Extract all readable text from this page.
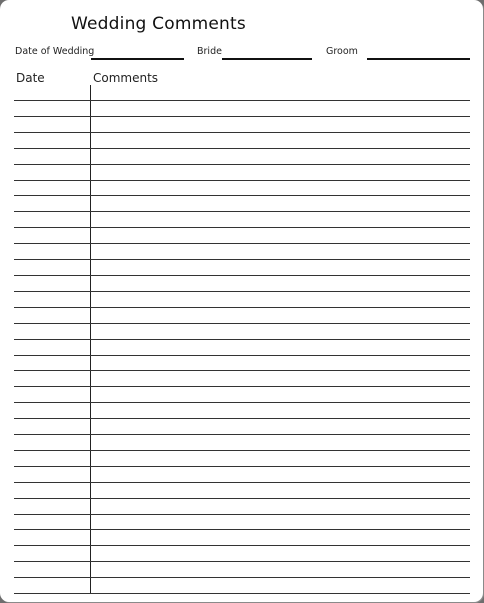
Wedding Comments
Date of Wedding	Bride	Groom
Date	Comments
